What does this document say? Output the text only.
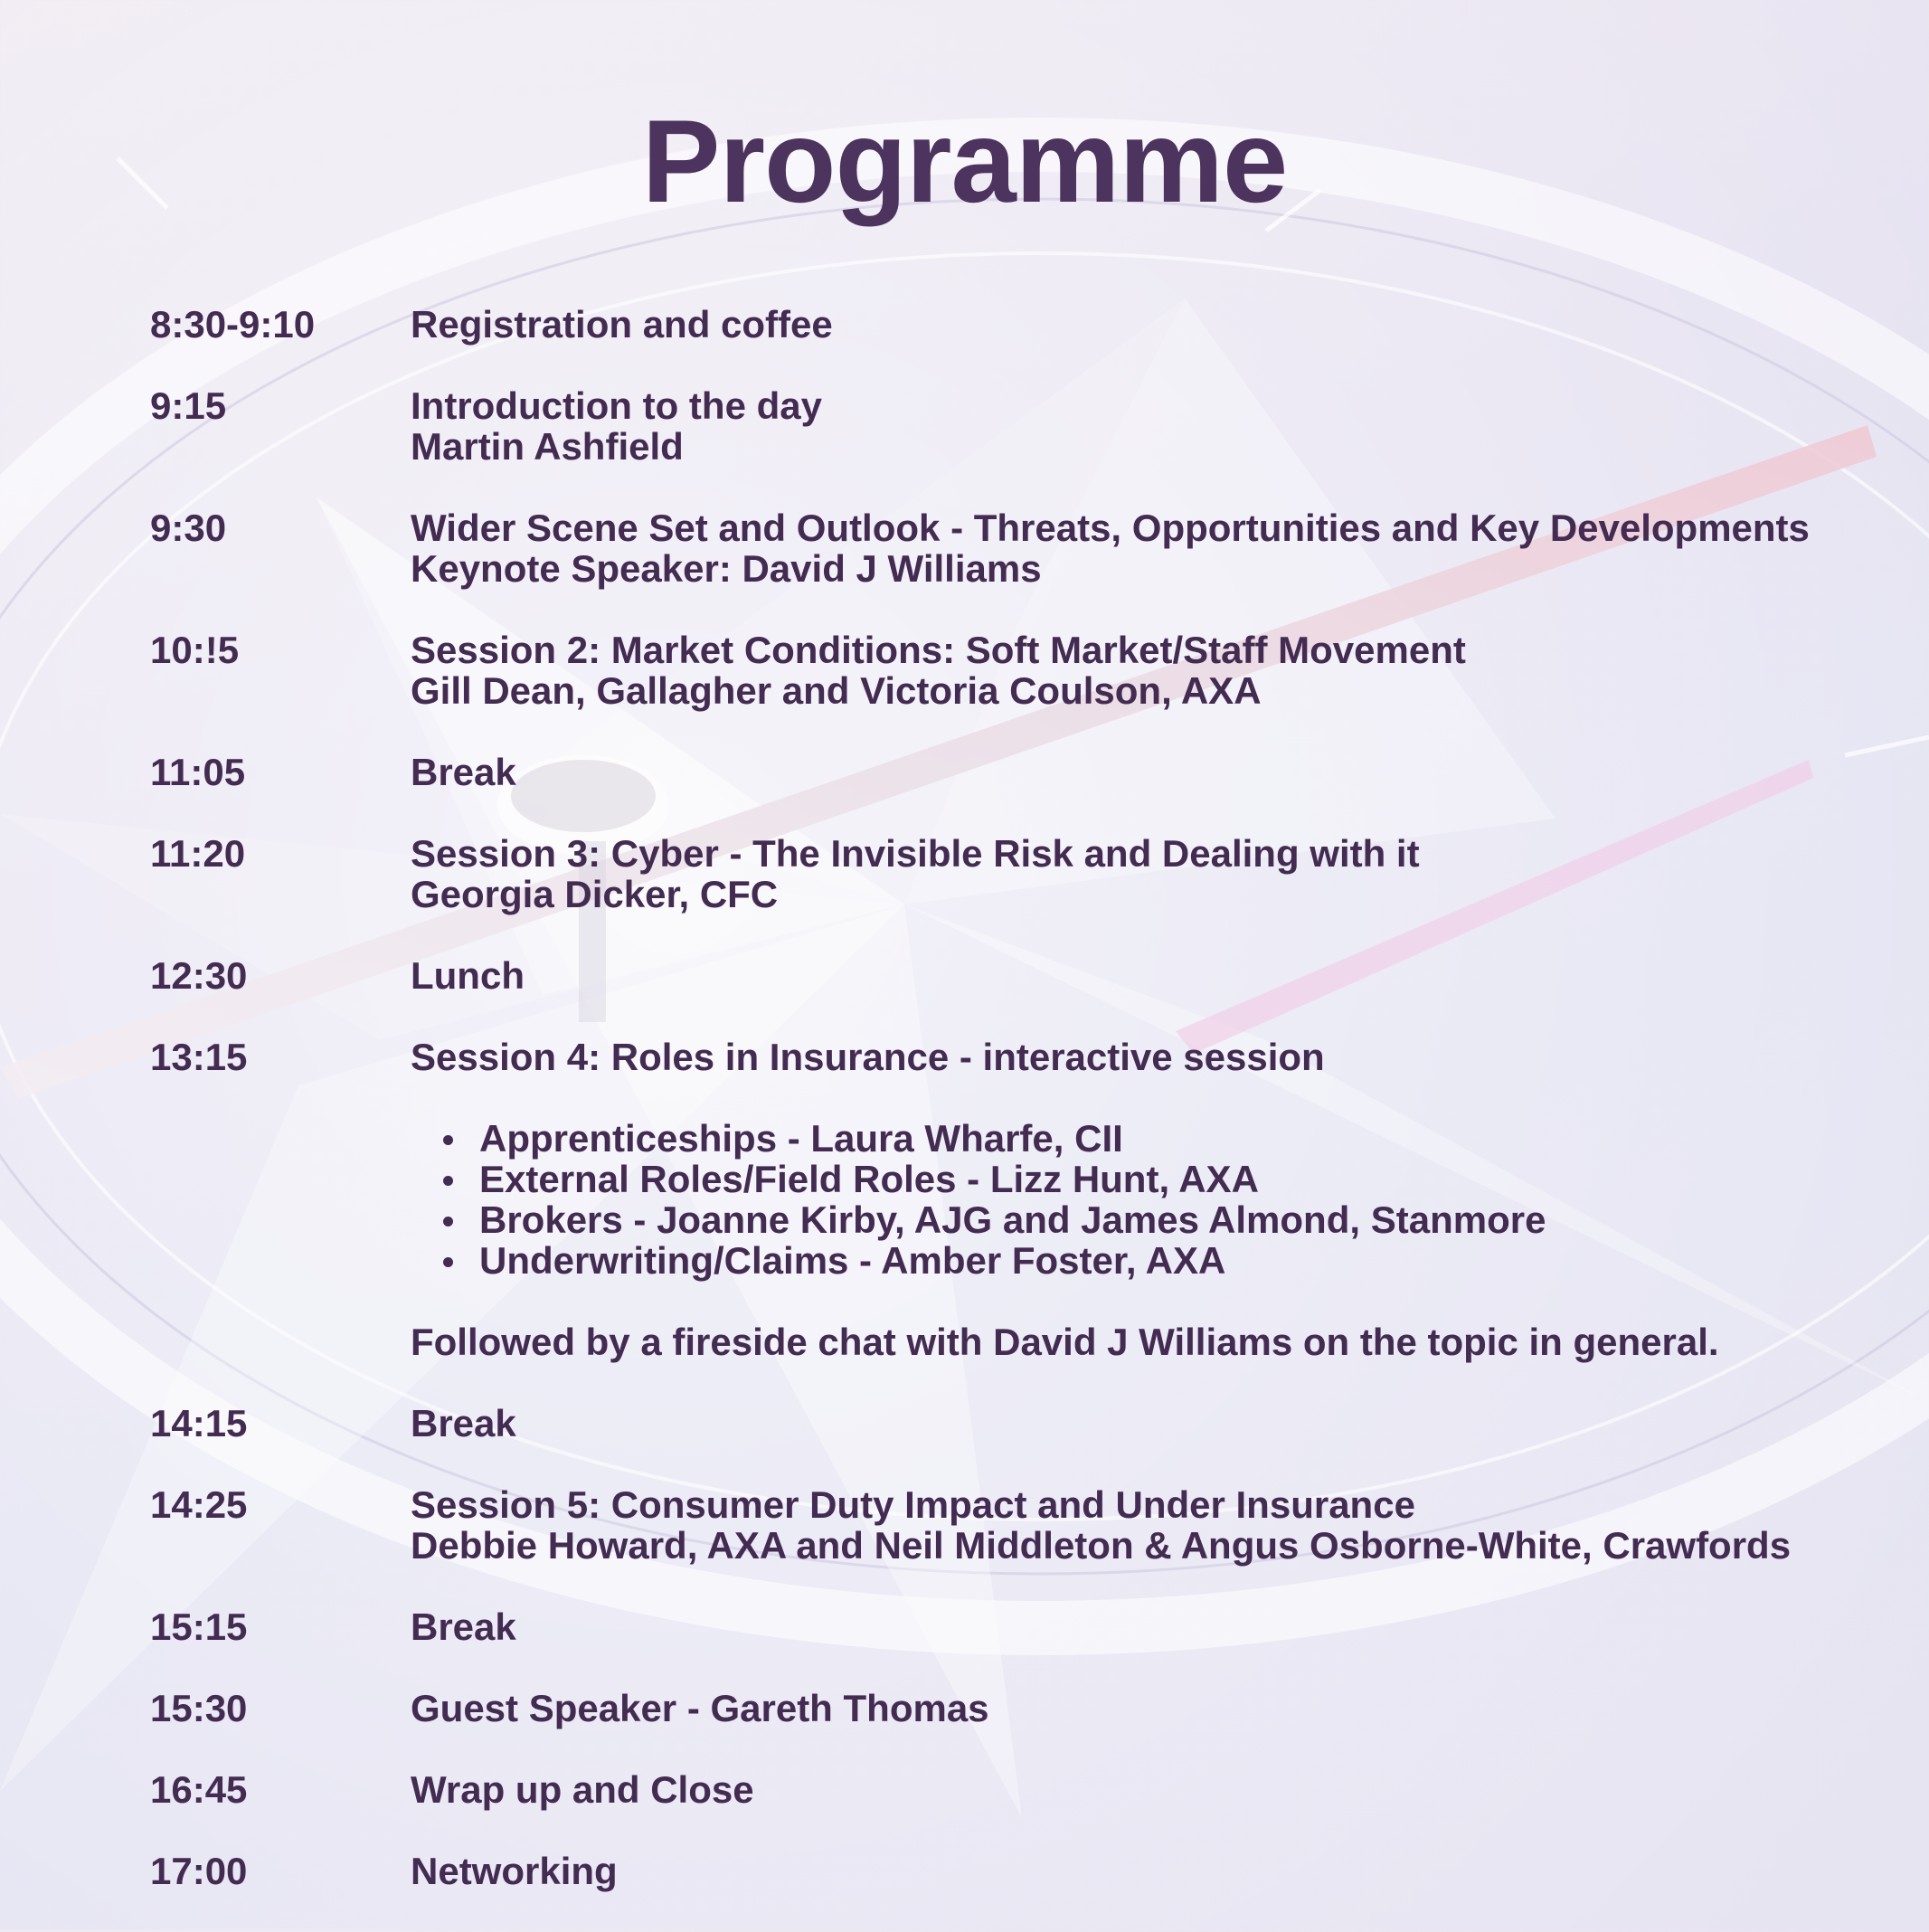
Programme
8:30-9:10	Registration and coffee
9:15	Introduction to the day
Martin Ashfield
9:30	Wider Scene Set and Outlook - Threats, Opportunities and Key Developments
Keynote Speaker: David J Williams
10:!5	Session 2: Market Conditions: Soft Market/Staff Movement
Gill Dean, Gallagher and Victoria Coulson, AXA
11:05	Break
11:20	Session 3: Cyber - The Invisible Risk and Dealing with it
Georgia Dicker, CFC
12:30	Lunch
13:15	Session 4: Roles in Insurance - interactive session
Apprenticeships - Laura Wharfe, CII
External Roles/Field Roles - Lizz Hunt, AXA
Brokers - Joanne Kirby, AJG and James Almond, Stanmore
Underwriting/Claims - Amber Foster, AXA
Followed by a fireside chat with David J Williams on the topic in general.
14:15	Break
14:25	Session 5: Consumer Duty Impact and Under Insurance
Debbie Howard, AXA and Neil Middleton & Angus Osborne-White, Crawfords
15:15	Break
15:30	Guest Speaker - Gareth Thomas
16:45	Wrap up and Close
17:00	Networking
